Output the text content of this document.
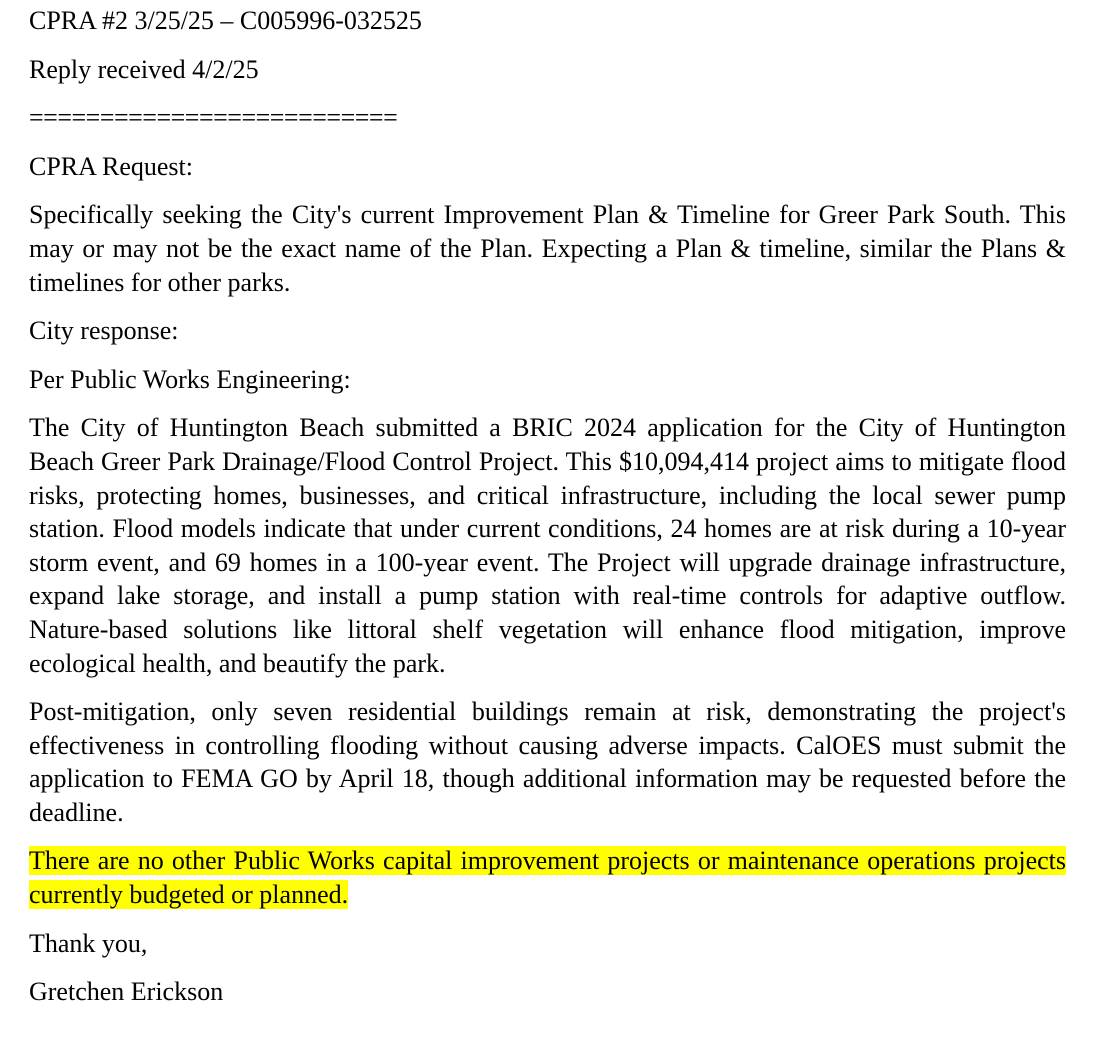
CPRA #2 3/25/25 – C005996-032525

Reply received 4/2/25

==========================

CPRA Request:

Specifically seeking the City's current Improvement Plan & Timeline for Greer Park South. This may or may not be the exact name of the Plan. Expecting a Plan & timeline, similar the Plans & timelines for other parks.

City response:

Per Public Works Engineering:

The City of Huntington Beach submitted a BRIC 2024 application for the City of Huntington Beach Greer Park Drainage/Flood Control Project. This $10,094,414 project aims to mitigate flood risks, protecting homes, businesses, and critical infrastructure, including the local sewer pump station. Flood models indicate that under current conditions, 24 homes are at risk during a 10-year storm event, and 69 homes in a 100-year event. The Project will upgrade drainage infrastructure, expand lake storage, and install a pump station with real-time controls for adaptive outflow. Nature-based solutions like littoral shelf vegetation will enhance flood mitigation, improve ecological health, and beautify the park.

Post-mitigation, only seven residential buildings remain at risk, demonstrating the project's effectiveness in controlling flooding without causing adverse impacts. CalOES must submit the application to FEMA GO by April 18, though additional information may be requested before the deadline.

There are no other Public Works capital improvement projects or maintenance operations projects currently budgeted or planned.

Thank you,

Gretchen Erickson
